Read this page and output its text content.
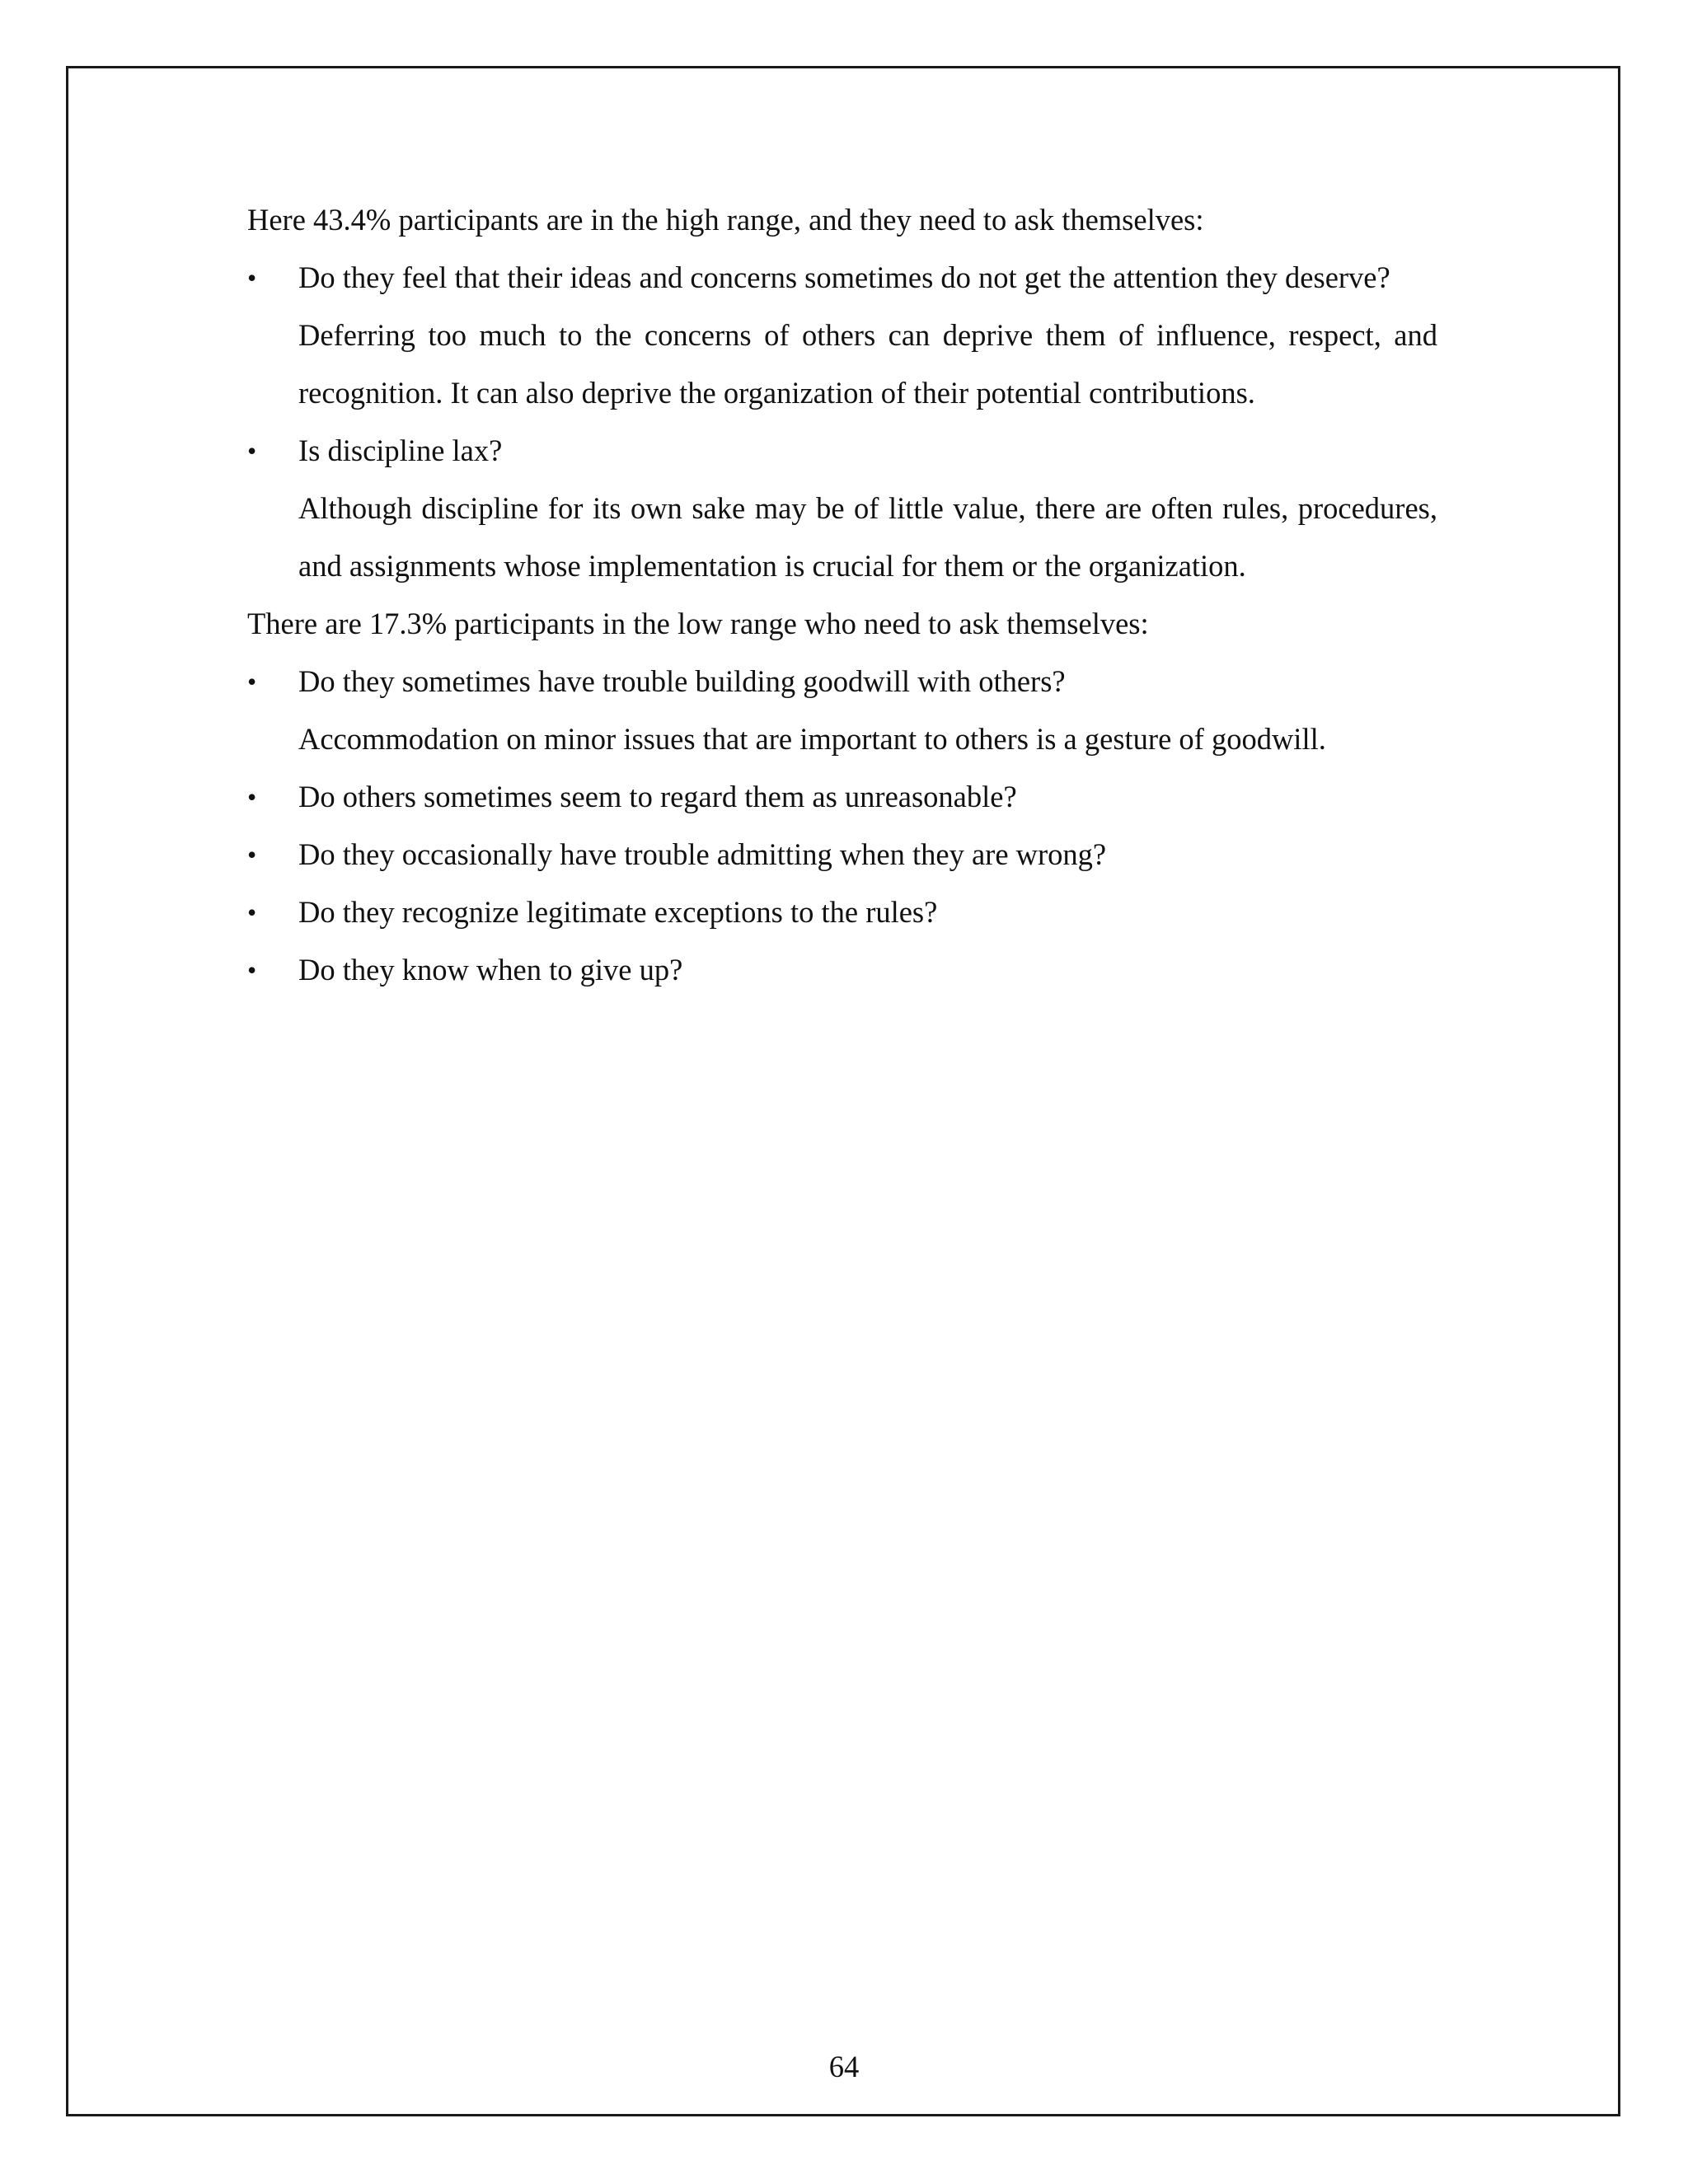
Here 43.4% participants are in the high range, and they need to ask themselves:

•	Do they feel that their ideas and concerns sometimes do not get the attention they deserve?

Deferring too much to the concerns of others can deprive them of influence, respect, and recognition. It can also deprive the organization of their potential contributions.

•	Is discipline lax?

Although discipline for its own sake may be of little value, there are often rules, procedures, and assignments whose implementation is crucial for them or the organization.

There are 17.3% participants in the low range who need to ask themselves:

•	Do they sometimes have trouble building goodwill with others?

Accommodation on minor issues that are important to others is a gesture of goodwill.

•	Do others sometimes seem to regard them as unreasonable?

•	Do they occasionally have trouble admitting when they are wrong?

•	Do they recognize legitimate exceptions to the rules?

•	Do they know when to give up?

64
